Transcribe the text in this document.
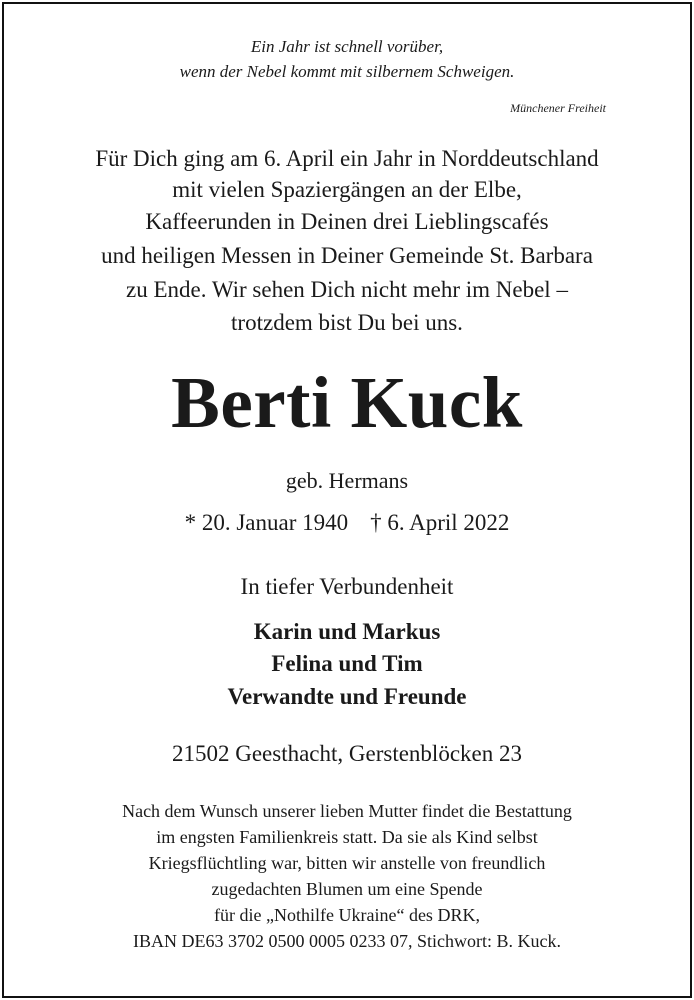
Ein Jahr ist schnell vorüber,
wenn der Nebel kommt mit silbernem Schweigen.
Münchener Freiheit
Für Dich ging am 6. April ein Jahr in Norddeutschland
mit vielen Spaziergängen an der Elbe,
Kaffeerunden in Deinen drei Lieblingscafés
und heiligen Messen in Deiner Gemeinde St. Barbara
zu Ende. Wir sehen Dich nicht mehr im Nebel –
trotzdem bist Du bei uns.
Berti Kuck
geb. Hermans
* 20. Januar 1940 † 6. April 2022
In tiefer Verbundenheit
Karin und Markus
Felina und Tim
Verwandte und Freunde
21502 Geesthacht, Gerstenblöcken 23
Nach dem Wunsch unserer lieben Mutter findet die Bestattung
im engsten Familienkreis statt. Da sie als Kind selbst
Kriegsflüchtling war, bitten wir anstelle von freundlich
zugedachten Blumen um eine Spende
für die „Nothilfe Ukraine“ des DRK,
IBAN DE63 3702 0500 0005 0233 07, Stichwort: B. Kuck.
